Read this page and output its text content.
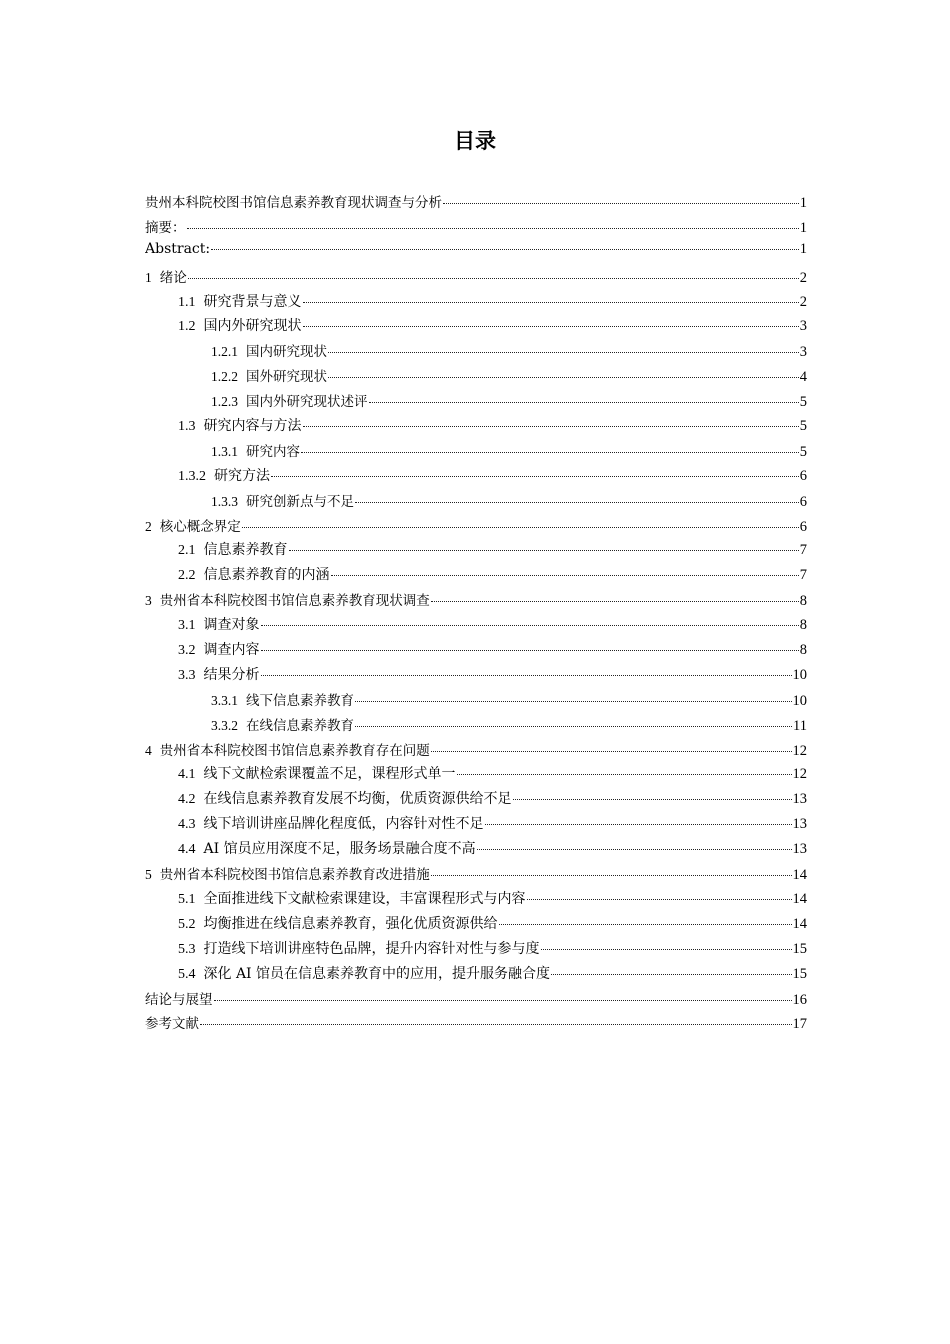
目录
贵州本科院校图书馆信息素养教育现状调查与分析	1
摘要：	1
Abstract:	1
1 绪论	2
1.1 研究背景与意义	2
1.2 国内外研究现状	3
1.2.1 国内研究现状	3
1.2.2 国外研究现状	4
1.2.3 国内外研究现状述评	5
1.3 研究内容与方法	5
1.3.1 研究内容	5
1.3.2 研究方法	6
1.3.3 研究创新点与不足	6
2 核心概念界定	6
2.1 信息素养教育	7
2.2 信息素养教育的内涵	7
3 贵州省本科院校图书馆信息素养教育现状调查	8
3.1 调查对象	8
3.2 调查内容	8
3.3 结果分析	10
3.3.1 线下信息素养教育	10
3.3.2 在线信息素养教育	11
4 贵州省本科院校图书馆信息素养教育存在问题	12
4.1 线下文献检索课覆盖不足，课程形式单一	12
4.2 在线信息素养教育发展不均衡，优质资源供给不足	13
4.3 线下培训讲座品牌化程度低，内容针对性不足	13
4.4 AI 馆员应用深度不足，服务场景融合度不高	13
5 贵州省本科院校图书馆信息素养教育改进措施	14
5.1 全面推进线下文献检索课建设，丰富课程形式与内容	14
5.2 均衡推进在线信息素养教育，强化优质资源供给	14
5.3 打造线下培训讲座特色品牌，提升内容针对性与参与度	15
5.4 深化 AI 馆员在信息素养教育中的应用，提升服务融合度	15
结论与展望	16
参考文献	17
